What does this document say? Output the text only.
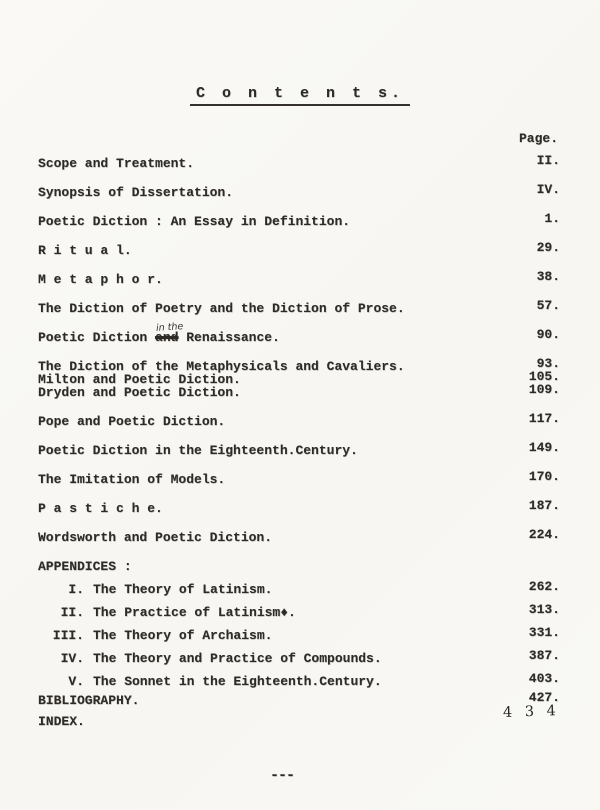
C o n t e n t s.
Page.
Scope and Treatment.	II.
Synopsis of Dissertation.	IV.
Poetic Diction : An Essay in Definition.	1.
R i t u a l.	29.
M e t a p h o r.	38.
The Diction of Poetry and the Diction of Prose.	57.
Poetic Diction and
in the
Renaissance.	90.
The Diction of the Metaphysicals and Cavaliers.	93.
Milton and Poetic Diction.	105.
Dryden and Poetic Diction.	109.
Pope and Poetic Diction.	117.
Poetic Diction in the Eighteenth.Century.	149.
The Imitation of Models.	170.
P a s t i c h e.	187.
Wordsworth and Poetic Diction.	224.
APPENDICES :
I. The Theory of Latinism.	262.
II. The Practice of Latinism♦.	313.
III. The Theory of Archaism.	331.
IV. The Theory and Practice of Compounds.	387.
V. The Sonnet in the Eighteenth.Century.	403.
BIBLIOGRAPHY.	427.
INDEX.
4 3 4
---
